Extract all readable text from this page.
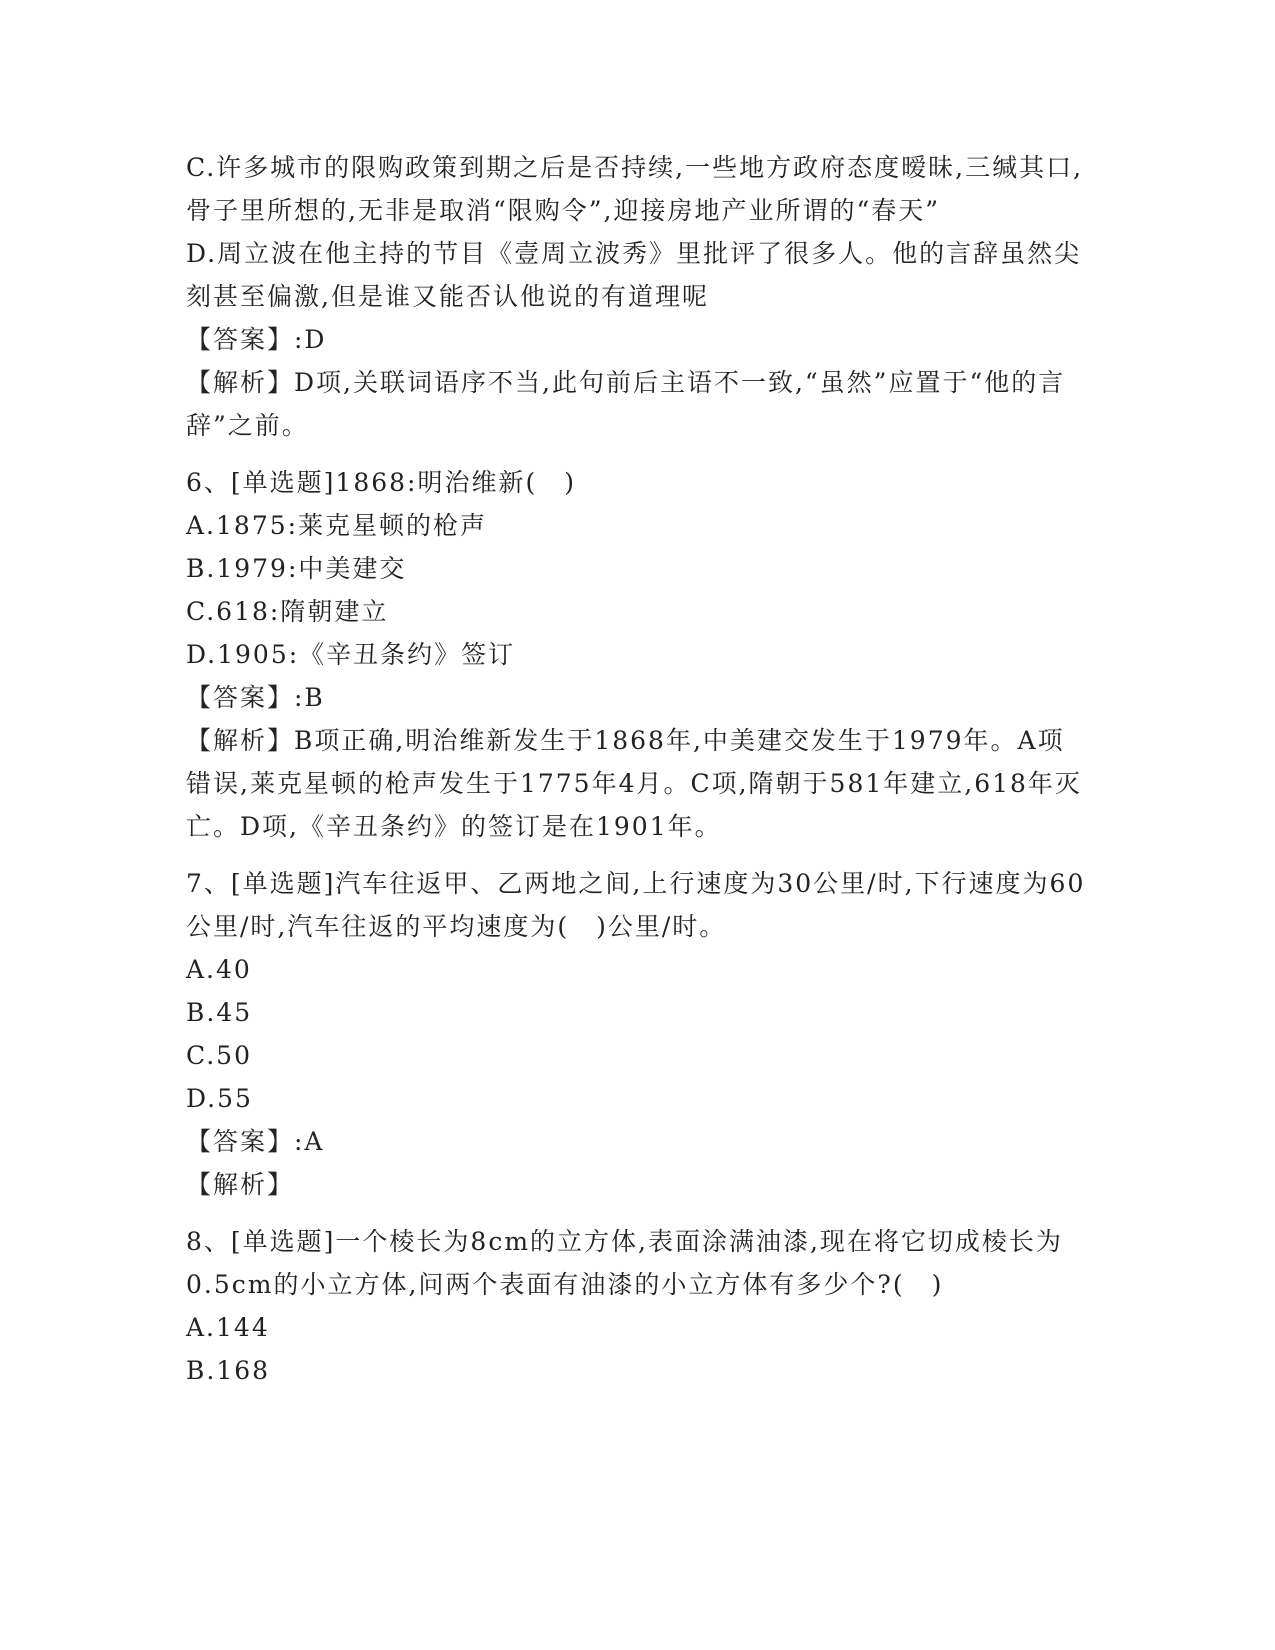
C.许多城市的限购政策到期之后是否持续,一些地方政府态度暧昧,三缄其口,骨子里所想的,无非是取消“限购令”,迎接房地产业所谓的“春天”
D.周立波在他主持的节目《壹周立波秀》里批评了很多人。他的言辞虽然尖刻甚至偏激,但是谁又能否认他说的有道理呢
【答案】:D
【解析】D项,关联词语序不当,此句前后主语不一致,“虽然”应置于“他的言辞”之前。
6、[单选题]1868:明治维新(　)
A.1875:莱克星顿的枪声
B.1979:中美建交
C.618:隋朝建立
D.1905:《辛丑条约》签订
【答案】:B
【解析】B项正确,明治维新发生于1868年,中美建交发生于1979年。A项错误,莱克星顿的枪声发生于1775年4月。C项,隋朝于581年建立,618年灭亡。D项,《辛丑条约》的签订是在1901年。
7、[单选题]汽车往返甲、乙两地之间,上行速度为30公里/时,下行速度为60公里/时,汽车往返的平均速度为(　)公里/时。
A.40
B.45
C.50
D.55
【答案】:A
【解析】
8、[单选题]一个棱长为8cm的立方体,表面涂满油漆,现在将它切成棱长为0.5cm的小立方体,问两个表面有油漆的小立方体有多少个?(　)
A.144
B.168
